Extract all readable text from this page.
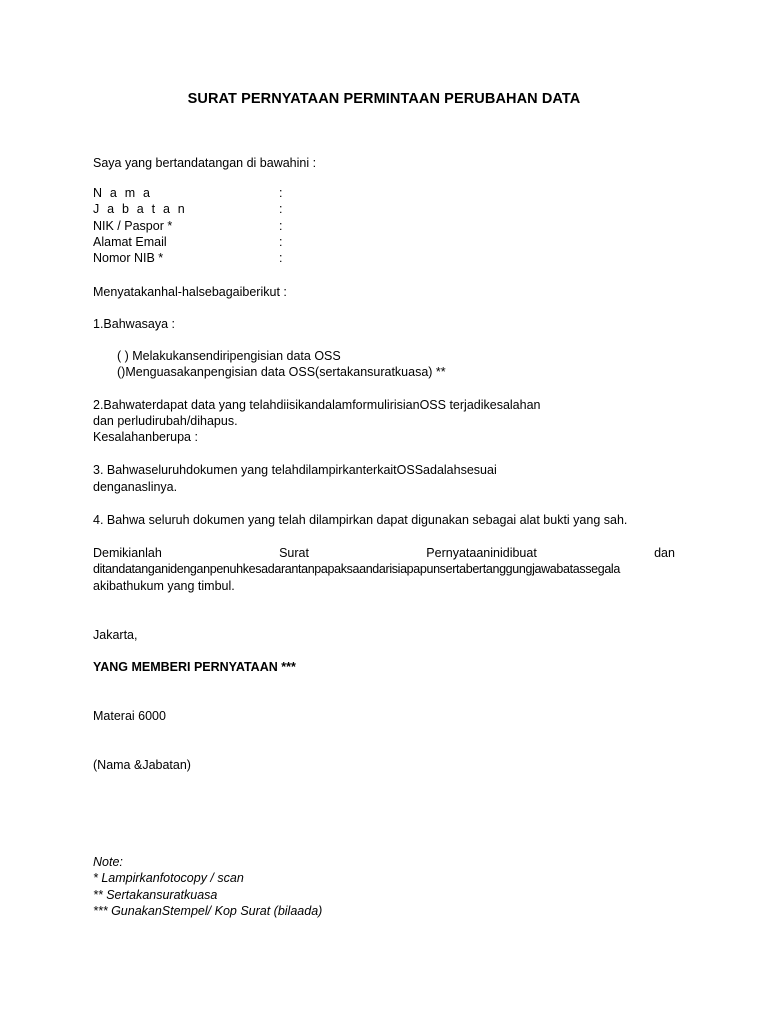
SURAT PERNYATAAN PERMINTAAN PERUBAHAN DATA
Saya yang bertandatangan di bawahini :
N a m a	:
J a b a t a n	:
NIK / Paspor *	:
Alamat Email	:
Nomor NIB *	:
Menyatakanhal-halsebagaiberikut :
1.Bahwasaya :
( ) Melakukansendiripengisian data OSS
()Menguasakanpengisian data OSS(sertakansuratkuasa) **
2.Bahwaterdapat data yang telahdiisikandalamformulirisianOSS terjadikesalahan
dan perludirubah/dihapus.
Kesalahanberupa :
3. Bahwaseluruhdokumen yang telahdilampirkanterkaitOSSadalahsesuai
denganaslinya.
4. Bahwa seluruh dokumen yang telah dilampirkan dapat digunakan sebagai alat bukti yang sah.
Demikianlah	Surat	Pernyataaninidibuat	dan
ditandatanganidenganpenuhkesadarantanpapaksaandarisiapapunsertabertanggungjawabatassegala
akibathukum yang timbul.
Jakarta,
YANG MEMBERI PERNYATAAN ***
Materai 6000
(Nama &Jabatan)
Note:
* Lampirkanfotocopy / scan
** Sertakansuratkuasa
*** GunakanStempel/ Kop Surat (bilaada)
